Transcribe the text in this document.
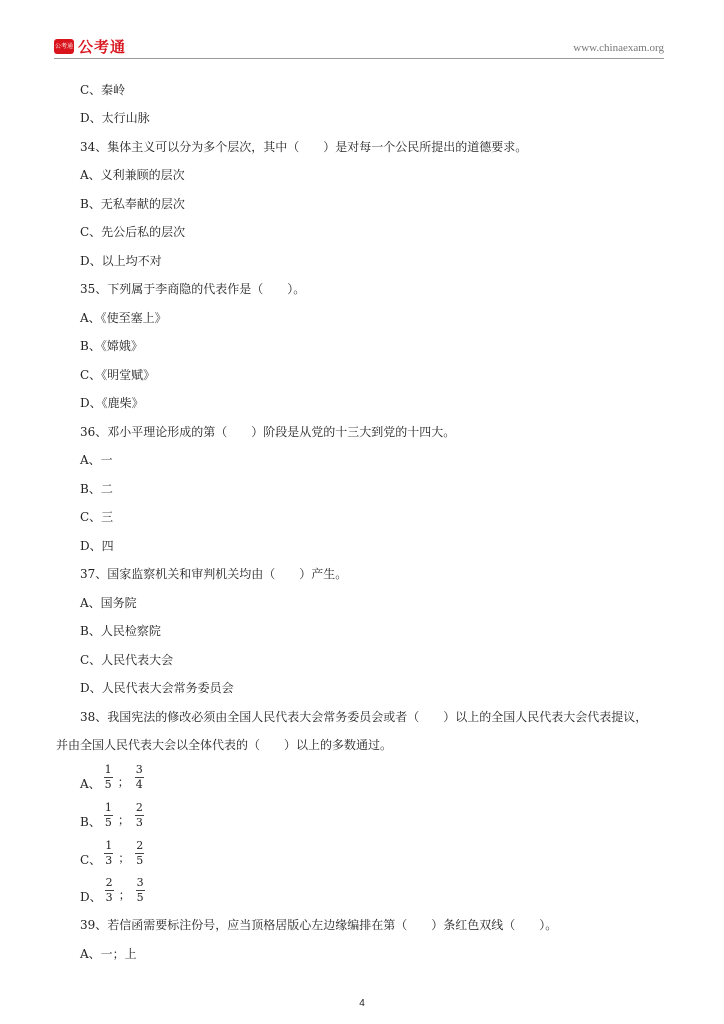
公考通 公考通	www.chinaexam.org
C、秦岭
D、太行山脉
34、集体主义可以分为多个层次，其中（　　）是对每一个公民所提出的道德要求。
A、义利兼顾的层次
B、无私奉献的层次
C、先公后私的层次
D、以上均不对
35、下列属于李商隐的代表作是（　　）。
A、《使至塞上》
B、《嫦娥》
C、《明堂赋》
D、《鹿柴》
36、邓小平理论形成的第（　　）阶段是从党的十三大到党的十四大。
A、一
B、二
C、三
D、四
37、国家监察机关和审判机关均由（　　）产生。
A、国务院
B、人民检察院
C、人民代表大会
D、人民代表大会常务委员会
38、我国宪法的修改必须由全国人民代表大会常务委员会或者（　　）以上的全国人民代表大会代表提议，
并由全国人民代表大会以全体代表的（　　）以上的多数通过。
A、 $\frac{1}{5}$ ； $\frac{3}{4}$
B、 $\frac{1}{5}$ ； $\frac{2}{3}$
C、 $\frac{1}{3}$ ； $\frac{2}{5}$
D、 $\frac{2}{3}$ ； $\frac{3}{5}$
39、若信函需要标注份号，应当顶格居版心左边缘编排在第（　　）条红色双线（　　）。
A、一；上
4
